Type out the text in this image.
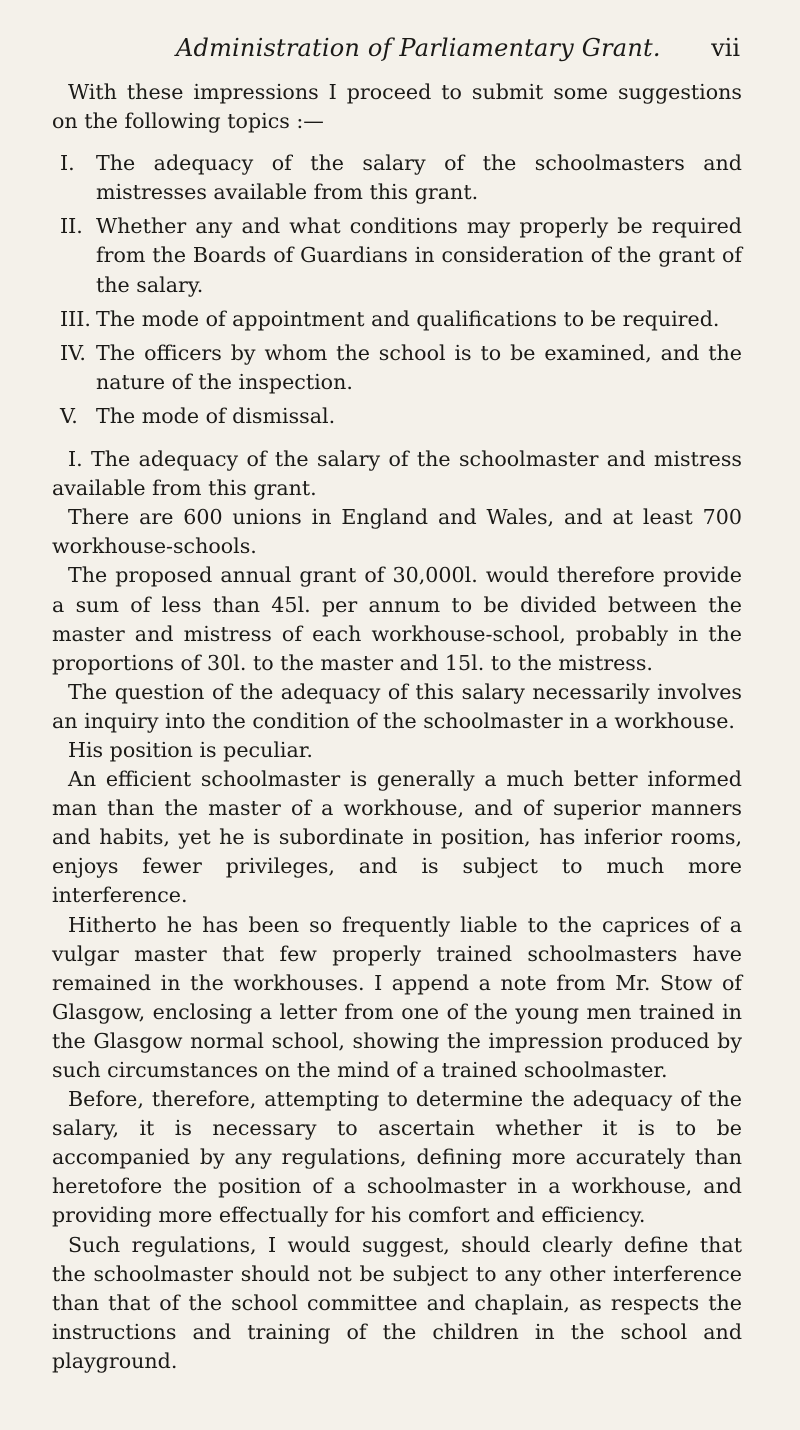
Administration of Parliamentary Grant. vii

With these impressions I proceed to submit some suggestions on the following topics :—

I. The adequacy of the salary of the schoolmasters and mistresses available from this grant.
II. Whether any and what conditions may properly be required from the Boards of Guardians in consideration of the grant of the salary.
III. The mode of appointment and qualifications to be required.
IV. The officers by whom the school is to be examined, and the nature of the inspection.
V. The mode of dismissal.

I. The adequacy of the salary of the schoolmaster and mistress available from this grant.

There are 600 unions in England and Wales, and at least 700 workhouse-schools.

The proposed annual grant of 30,000l. would therefore provide a sum of less than 45l. per annum to be divided between the master and mistress of each workhouse-school, probably in the proportions of 30l. to the master and 15l. to the mistress.

The question of the adequacy of this salary necessarily involves an inquiry into the condition of the schoolmaster in a workhouse.

His position is peculiar.

An efficient schoolmaster is generally a much better informed man than the master of a workhouse, and of superior manners and habits, yet he is subordinate in position, has inferior rooms, enjoys fewer privileges, and is subject to much more interference.

Hitherto he has been so frequently liable to the caprices of a vulgar master that few properly trained schoolmasters have remained in the workhouses. I append a note from Mr. Stow of Glasgow, enclosing a letter from one of the young men trained in the Glasgow normal school, showing the impression produced by such circumstances on the mind of a trained schoolmaster.

Before, therefore, attempting to determine the adequacy of the salary, it is necessary to ascertain whether it is to be accompanied by any regulations, defining more accurately than heretofore the position of a schoolmaster in a workhouse, and providing more effectually for his comfort and efficiency.

Such regulations, I would suggest, should clearly define that the schoolmaster should not be subject to any other interference than that of the school committee and chaplain, as respects the instructions and training of the children in the school and playground.
